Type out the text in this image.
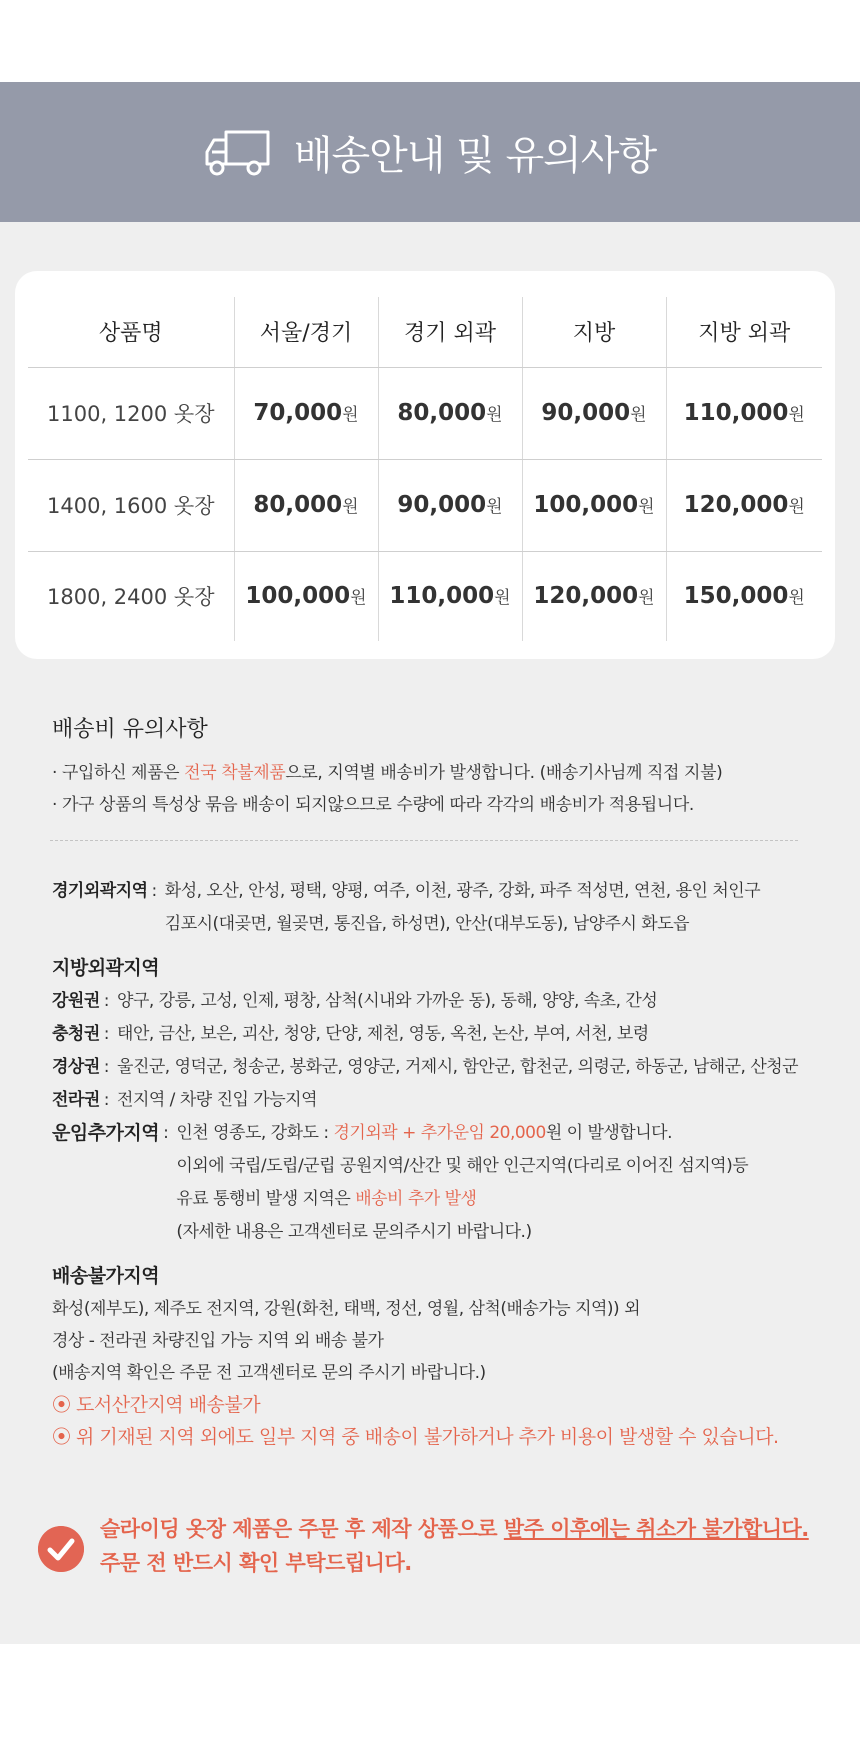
배송안내 및 유의사항
상품명	서울/경기	경기 외곽	지방	지방 외곽
1100, 1200 옷장	70,000원	80,000원	90,000원	110,000원
1400, 1600 옷장	80,000원	90,000원	100,000원	120,000원
1800, 2400 옷장	100,000원	110,000원	120,000원	150,000원
배송비 유의사항
· 구입하신 제품은 전국 착불제품으로, 지역별 배송비가 발생합니다. (배송기사님께 직접 지불)
· 가구 상품의 특성상 묶음 배송이 되지않으므로 수량에 따라 각각의 배송비가 적용됩니다.
경기외곽지역 : 화성, 오산, 안성, 평택, 양평, 여주, 이천, 광주, 강화, 파주 적성면, 연천, 용인 처인구
김포시(대곶면, 월곶면, 통진읍, 하성면), 안산(대부도동), 남양주시 화도읍
지방외곽지역
강원권 : 양구, 강릉, 고성, 인제, 평창, 삼척(시내와 가까운 동), 동해, 양양, 속초, 간성
충청권 : 태안, 금산, 보은, 괴산, 청양, 단양, 제천, 영동, 옥천, 논산, 부여, 서천, 보령
경상권 : 울진군, 영덕군, 청송군, 봉화군, 영양군, 거제시, 함안군, 합천군, 의령군, 하동군, 남해군, 산청군
전라권 : 전지역 / 차량 진입 가능지역
운임추가지역 : 인천 영종도, 강화도 : 경기외곽 + 추가운임 20,000원 이 발생합니다.
이외에 국립/도립/군립 공원지역/산간 및 해안 인근지역(다리로 이어진 섬지역)등
유료 통행비 발생 지역은 배송비 추가 발생
(자세한 내용은 고객센터로 문의주시기 바랍니다.)
배송불가지역
화성(제부도), 제주도 전지역, 강원(화천, 태백, 정선, 영월, 삼척(배송가능 지역)) 외
경상 - 전라권 차량진입 가능 지역 외 배송 불가
(배송지역 확인은 주문 전 고객센터로 문의 주시기 바랍니다.)
⦿ 도서산간지역 배송불가
⦿ 위 기재된 지역 외에도 일부 지역 중 배송이 불가하거나 추가 비용이 발생할 수 있습니다.
슬라이딩 옷장 제품은 주문 후 제작 상품으로 발주 이후에는 취소가 불가합니다.
주문 전 반드시 확인 부탁드립니다.
